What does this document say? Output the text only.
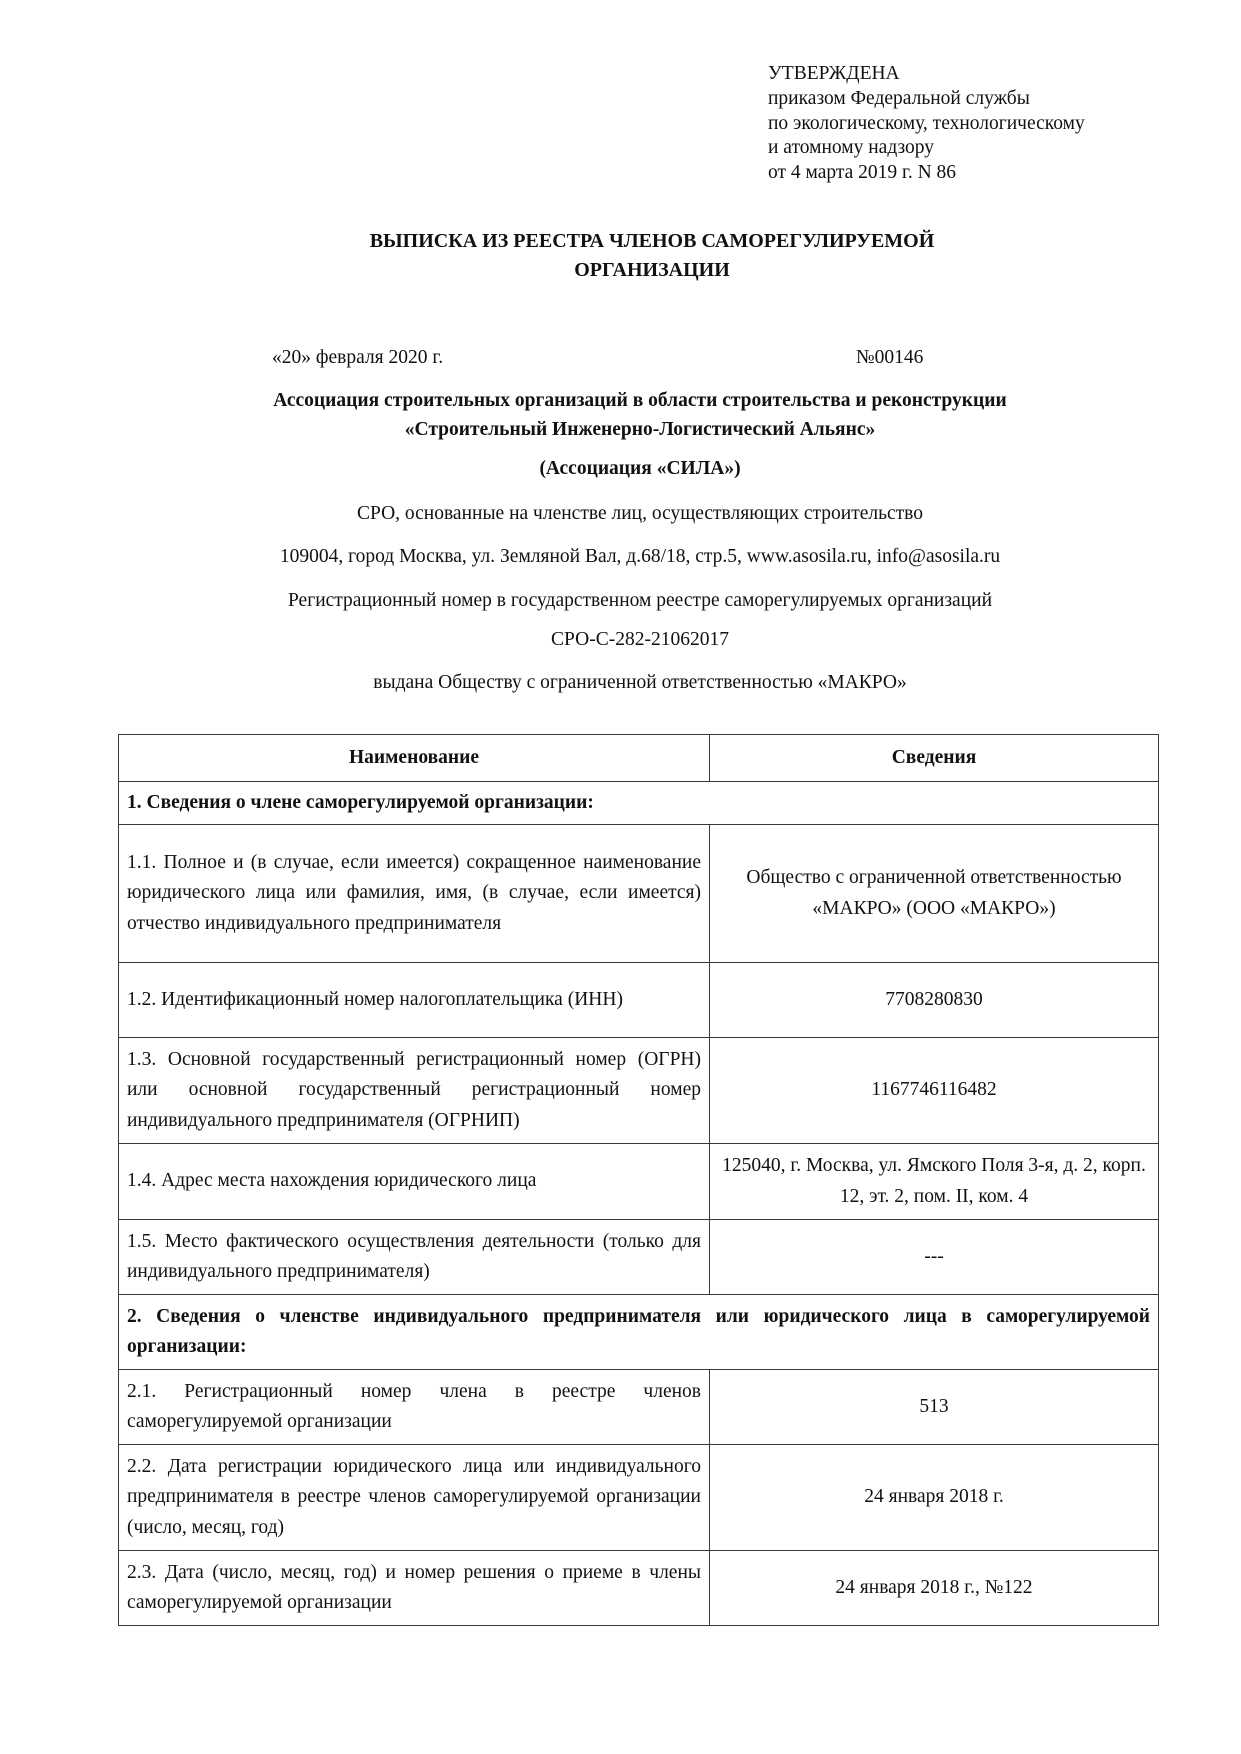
УТВЕРЖДЕНА
приказом Федеральной службы
по экологическому, технологическому
и атомному надзору
от 4 марта 2019 г. N 86
ВЫПИСКА ИЗ РЕЕСТРА ЧЛЕНОВ САМОРЕГУЛИРУЕМОЙ
ОРГАНИЗАЦИИ
«20» февраля 2020 г.	№00146
Ассоциация строительных организаций в области строительства и реконструкции
«Строительный Инженерно-Логистический Альянс»
(Ассоциация «СИЛА»)
СРО, основанные на членстве лиц, осуществляющих строительство
109004, город Москва, ул. Земляной Вал, д.68/18, стр.5, www.asosila.ru, info@asosila.ru
Регистрационный номер в государственном реестре саморегулируемых организаций
СРО-С-282-21062017
выдана Обществу с ограниченной ответственностью «МАКРО»
Наименование	Сведения
1. Сведения о члене саморегулируемой организации:	
1.1. Полное и (в случае, если имеется) сокращенное наименование юридического лица или фамилия, имя, (в случае, если имеется) отчество индивидуального предпринимателя	Общество с ограниченной ответственностью «МАКРО» (ООО «МАКРО»)
1.2. Идентификационный номер налогоплательщика (ИНН)	7708280830
1.3. Основной государственный регистрационный номер (ОГРН) или основной государственный регистрационный номер индивидуального предпринимателя (ОГРНИП)	1167746116482
1.4. Адрес места нахождения юридического лица	125040, г. Москва, ул. Ямского Поля 3-я, д. 2, корп. 12, эт. 2, пом. II, ком. 4
1.5. Место фактического осуществления деятельности (только для индивидуального предпринимателя)	---
2. Сведения о членстве индивидуального предпринимателя или юридического лица в саморегулируемой организации:	
2.1. Регистрационный номер члена в реестре членов саморегулируемой организации	513
2.2. Дата регистрации юридического лица или индивидуального предпринимателя в реестре членов саморегулируемой организации (число, месяц, год)	24 января 2018 г.
2.3. Дата (число, месяц, год) и номер решения о приеме в члены саморегулируемой организации	24 января 2018 г., №122
